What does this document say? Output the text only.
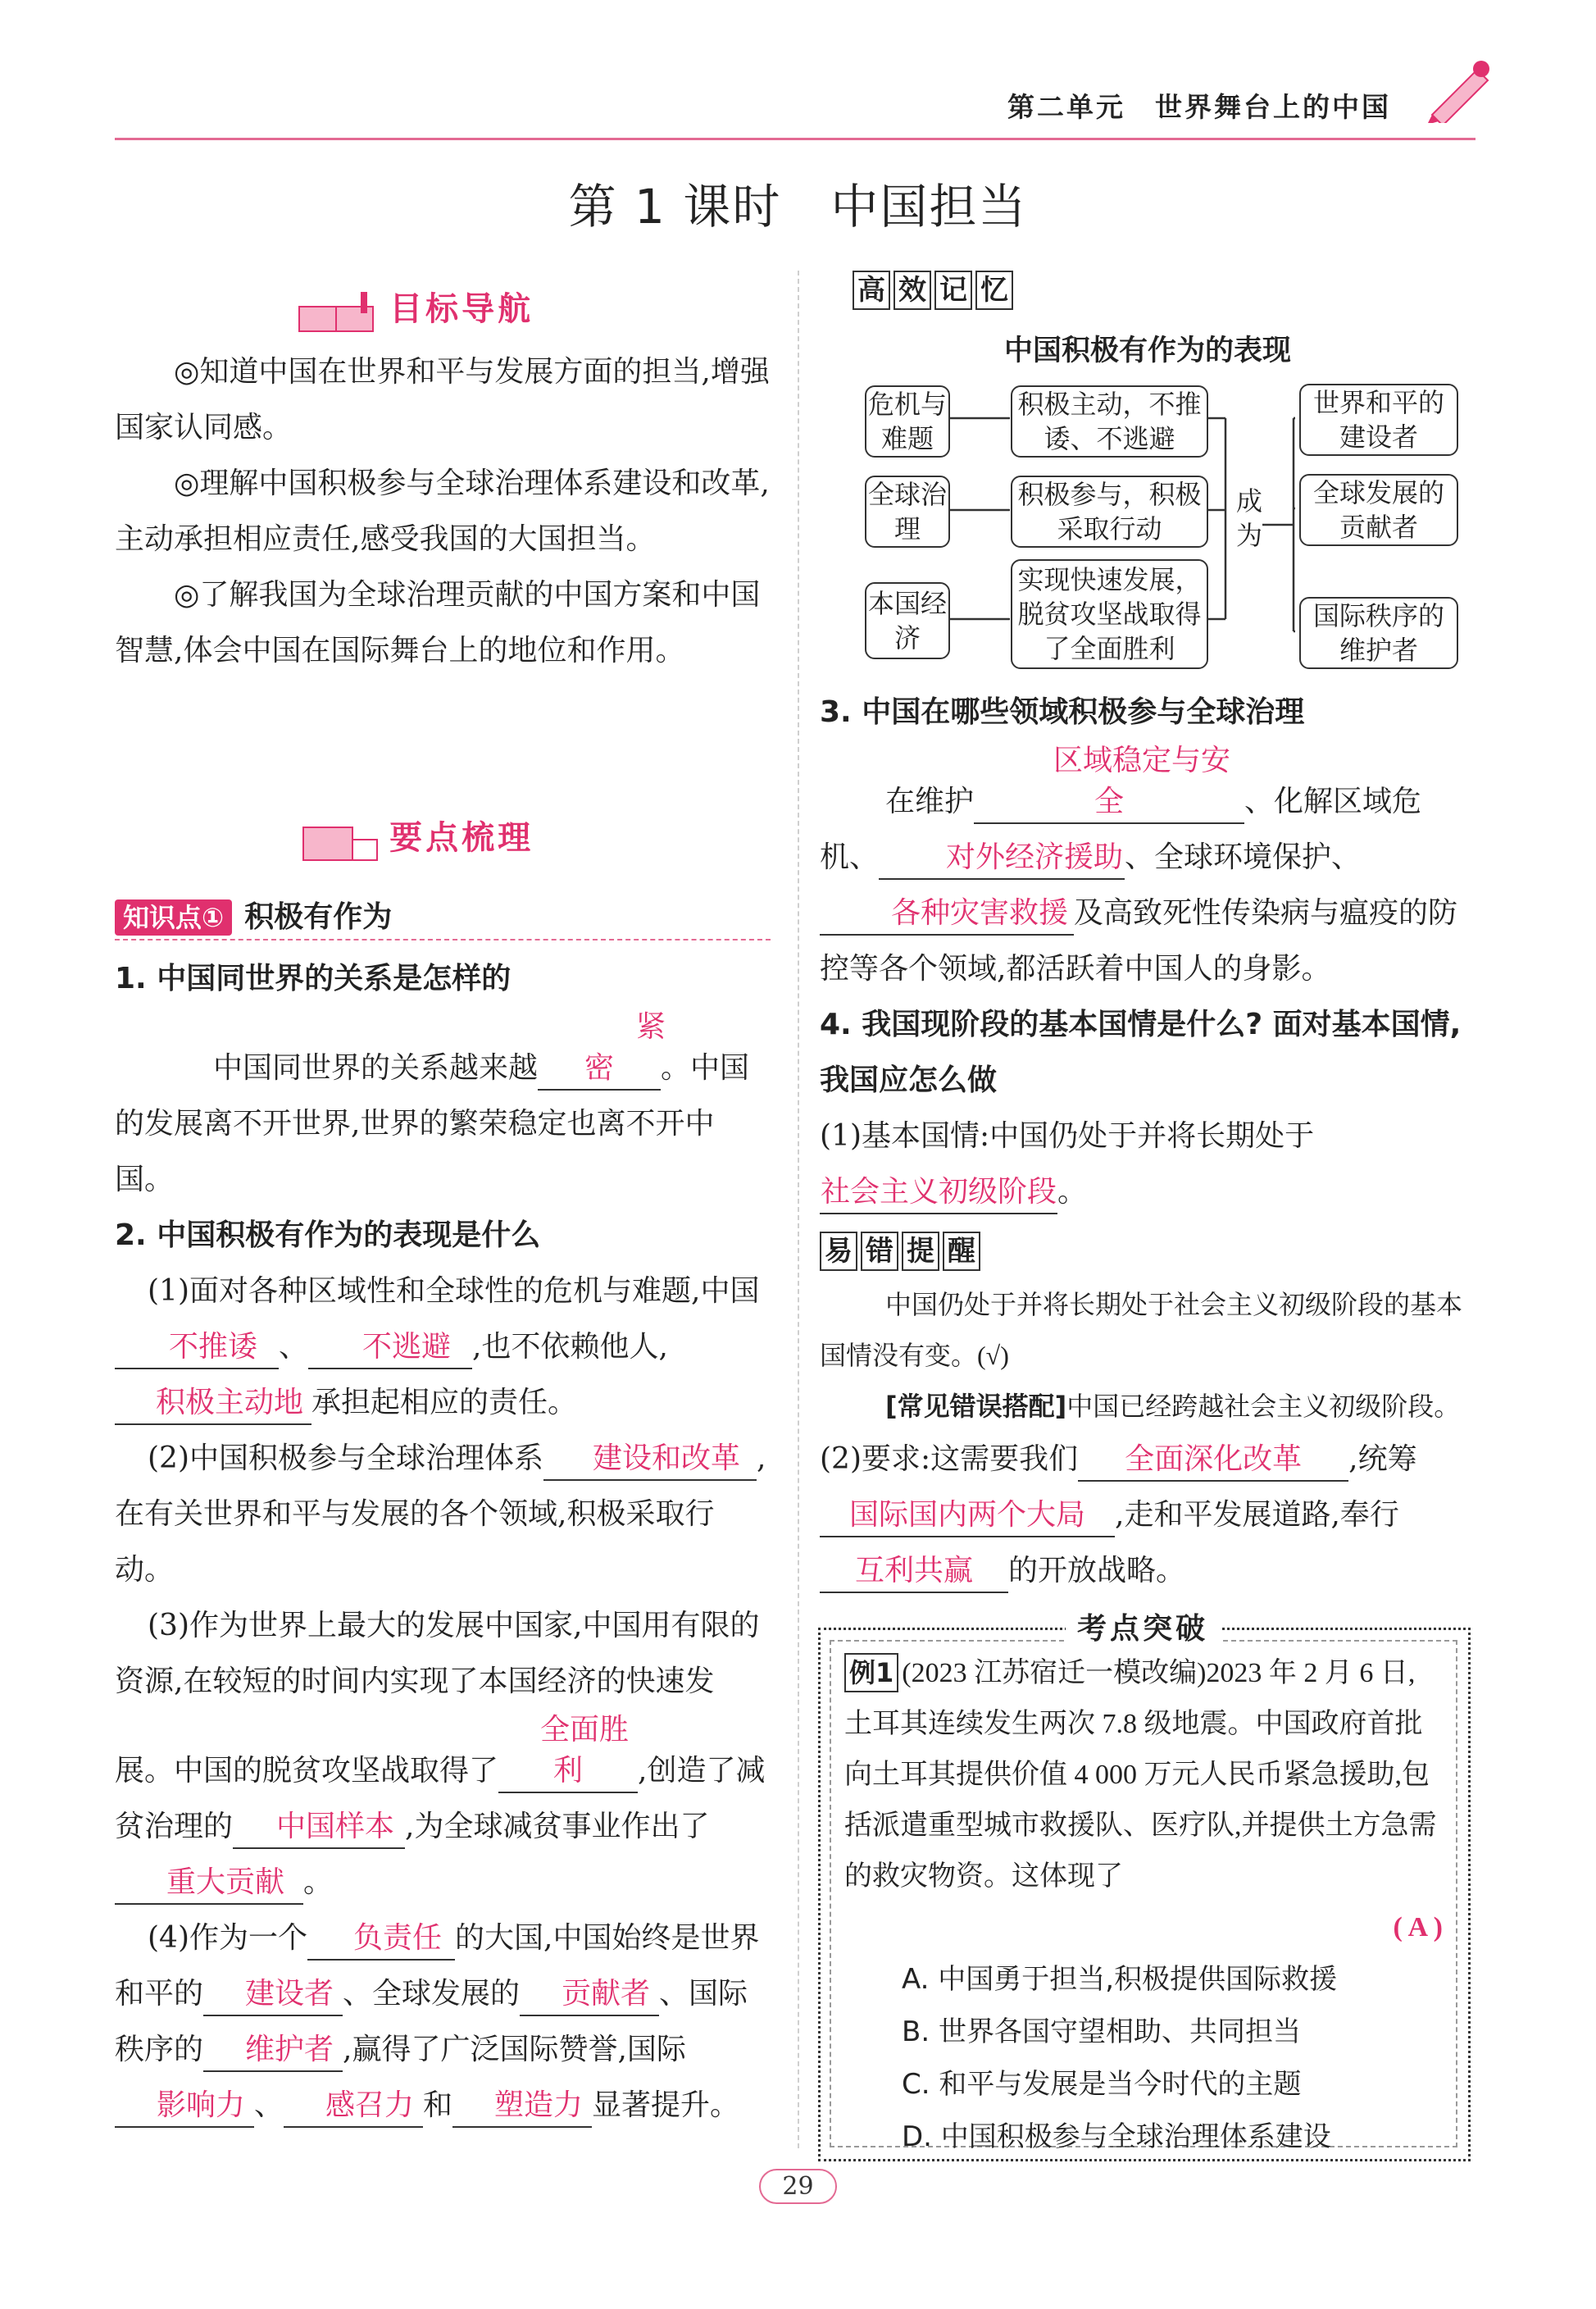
第二单元　世界舞台上的中国
第 1 课时　中国担当
目标导航
◎知道中国在世界和平与发展方面的担当,增强国家认同感。
◎理解中国积极参与全球治理体系建设和改革,主动承担相应责任,感受我国的大国担当。
◎了解我国为全球治理贡献的中国方案和中国智慧,体会中国在国际舞台上的地位和作用。
要点梳理
知识点① 积极有作为
1. 中国同世界的关系是怎样的
中国同世界的关系越来越紧密 。中国的发展离不开世界,世界的繁荣稳定也离不开中国。
2. 中国积极有作为的表现是什么
(1)面对各种区域性和全球性的危机与难题,中国不推诿 、 不逃避 ,也不依赖他人,积极主动地 承担起相应的责任。
(2)中国积极参与全球治理体系 建设和改革 ,在有关世界和平与发展的各个领域,积极采取行动。
(3)作为世界上最大的发展中国家,中国用有限的资源,在较短的时间内实现了本国经济的快速发展。中国的脱贫攻坚战取得了全面胜利 ,创造了减贫治理的 中国样本 ,为全球减贫事业作出了重大贡献 。
(4)作为一个 负责任 的大国,中国始终是世界和平的 建设者 、全球发展的 贡献者 、国际秩序的 维护者 ,赢得了广泛国际赞誉,国际影响力 、 感召力 和 塑造力 显著提升。
高 效 记 忆
中国积极有作为的表现
危机与难题
全球治理
本国经济
积极主动，不推诿、不逃避
积极参与，积极采取行动
实现快速发展，脱贫攻坚战取得了全面胜利
成为
世界和平的建设者
全球发展的贡献者
国际秩序的维护者
3. 中国在哪些领域积极参与全球治理
在维护区域稳定与安全	、化解区域危机、 对外经济援助、全球环境保护、各种灾害救援 及高致死性传染病与瘟疫的防控等各个领域,都活跃着中国人的身影。
4. 我国现阶段的基本国情是什么? 面对基本国情,我国应怎么做
(1)基本国情:中国仍处于并将长期处于社会主义初级阶段。
易 错 提 醒
中国仍处于并将长期处于社会主义初级阶段的基本国情没有变。(√)
[常见错误搭配]中国已经跨越社会主义初级阶段。
(2)要求:这需要我们 全面深化改革 ,统筹国际国内两个大局 ,走和平发展道路,奉行互利共赢 的开放战略。
考点突破
例1 (2023 江苏宿迁一模改编)2023 年 2 月 6 日,土耳其连续发生两次 7.8 级地震。中国政府首批向土耳其提供价值 4 000 万元人民币紧急援助,包括派遣重型城市救援队、医疗队,并提供土方急需的救灾物资。这体现了
( A )
A. 中国勇于担当,积极提供国际救援
B. 世界各国守望相助、共同担当
C. 和平与发展是当今时代的主题
D. 中国积极参与全球治理体系建设
29
